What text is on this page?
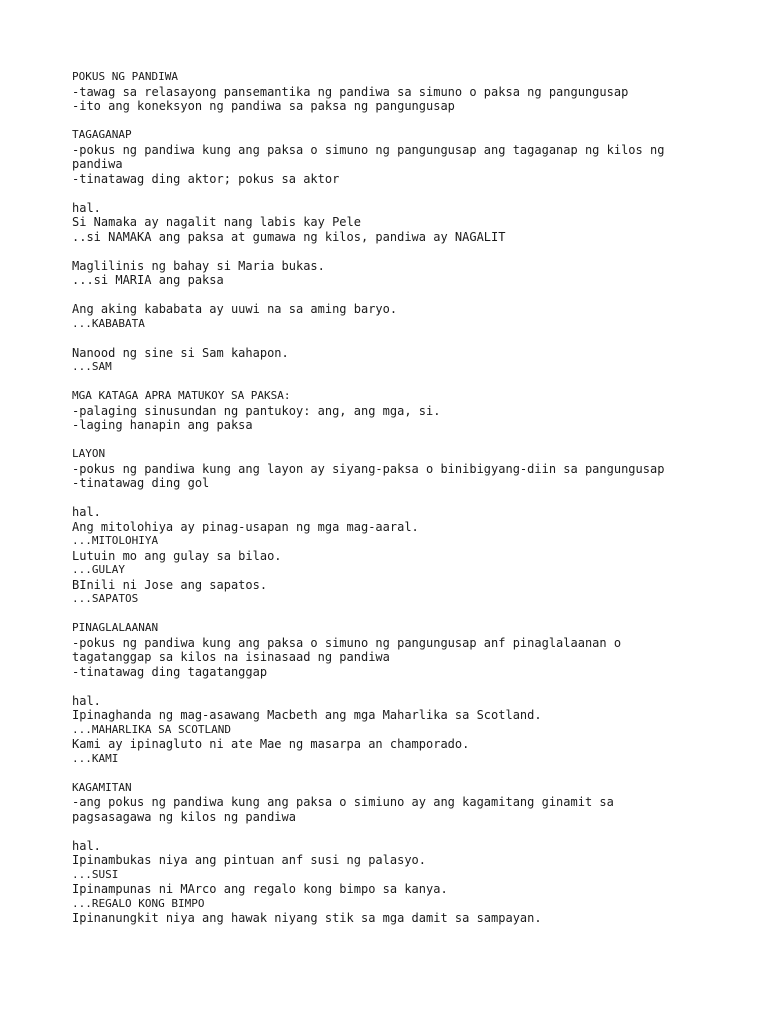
POKUS NG PANDIWA
-tawag sa relasayong pansemantika ng pandiwa sa simuno o paksa ng pangungusap
-ito ang koneksyon ng pandiwa sa paksa ng pangungusap
TAGAGANAP
-pokus ng pandiwa kung ang paksa o simuno ng pangungusap ang tagaganap ng kilos ng
pandiwa
-tinatawag ding aktor; pokus sa aktor
hal.
Si Namaka ay nagalit nang labis kay Pele
..si NAMAKA ang paksa at gumawa ng kilos, pandiwa ay NAGALIT
Maglilinis ng bahay si Maria bukas.
...si MARIA ang paksa
Ang aking kababata ay uuwi na sa aming baryo.
...KABABATA
Nanood ng sine si Sam kahapon.
...SAM
MGA KATAGA APRA MATUKOY SA PAKSA:
-palaging sinusundan ng pantukoy: ang, ang mga, si.
-laging hanapin ang paksa
LAYON
-pokus ng pandiwa kung ang layon ay siyang-paksa o binibigyang-diin sa pangungusap
-tinatawag ding gol
hal.
Ang mitolohiya ay pinag-usapan ng mga mag-aaral.
...MITOLOHIYA
Lutuin mo ang gulay sa bilao.
...GULAY
BInili ni Jose ang sapatos.
...SAPATOS
PINAGLALAANAN
-pokus ng pandiwa kung ang paksa o simuno ng pangungusap anf pinaglalaanan o
tagatanggap sa kilos na isinasaad ng pandiwa
-tinatawag ding tagatanggap
hal.
Ipinaghanda ng mag-asawang Macbeth ang mga Maharlika sa Scotland.
...MAHARLIKA SA SCOTLAND
Kami ay ipinagluto ni ate Mae ng masarpa an champorado.
...KAMI
KAGAMITAN
-ang pokus ng pandiwa kung ang paksa o simiuno ay ang kagamitang ginamit sa
pagsasagawa ng kilos ng pandiwa
hal.
Ipinambukas niya ang pintuan anf susi ng palasyo.
...SUSI
Ipinampunas ni MArco ang regalo kong bimpo sa kanya.
...REGALO KONG BIMPO
Ipinanungkit niya ang hawak niyang stik sa mga damit sa sampayan.
